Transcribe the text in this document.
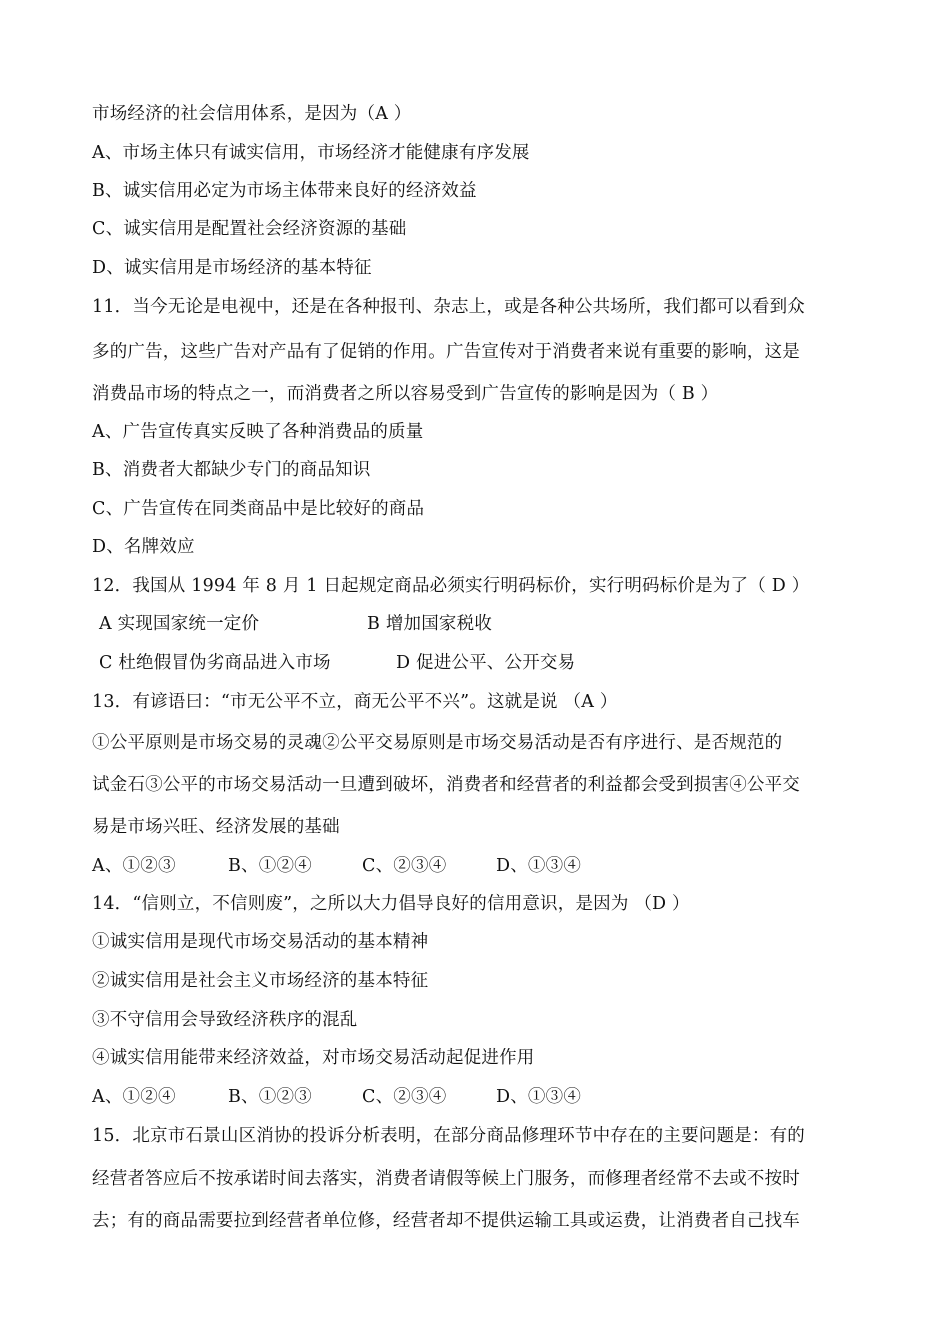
市场经济的社会信用体系，是因为（A ）
A、市场主体只有诚实信用，市场经济才能健康有序发展
B、诚实信用必定为市场主体带来良好的经济效益
C、诚实信用是配置社会经济资源的基础
D、诚实信用是市场经济的基本特征
11．当今无论是电视中，还是在各种报刊、杂志上，或是各种公共场所，我们都可以看到众
多的广告，这些广告对产品有了促销的作用。广告宣传对于消费者来说有重要的影响，这是
消费品市场的特点之一，而消费者之所以容易受到广告宣传的影响是因为（ B ）
A、广告宣传真实反映了各种消费品的质量
B、消费者大都缺少专门的商品知识
C、广告宣传在同类商品中是比较好的商品
D、名牌效应
12．我国从 1994 年 8 月 1 日起规定商品必须实行明码标价，实行明码标价是为了（ D ）
A 实现国家统一定价	B 增加国家税收
C 杜绝假冒伪劣商品进入市场	D 促进公平、公开交易
13．有谚语曰：“市无公平不立，商无公平不兴”。这就是说 （A ）
①公平原则是市场交易的灵魂②公平交易原则是市场交易活动是否有序进行、是否规范的
试金石③公平的市场交易活动一旦遭到破坏，消费者和经营者的利益都会受到损害④公平交
易是市场兴旺、经济发展的基础
A、①②③	B、①②④	C、②③④	D、①③④
14．“信则立，不信则废”，之所以大力倡导良好的信用意识，是因为 （D ）
①诚实信用是现代市场交易活动的基本精神
②诚实信用是社会主义市场经济的基本特征
③不守信用会导致经济秩序的混乱
④诚实信用能带来经济效益，对市场交易活动起促进作用
A、①②④	B、①②③	C、②③④	D、①③④
15．北京市石景山区消协的投诉分析表明，在部分商品修理环节中存在的主要问题是：有的
经营者答应后不按承诺时间去落实，消费者请假等候上门服务，而修理者经常不去或不按时
去；有的商品需要拉到经营者单位修，经营者却不提供运输工具或运费，让消费者自己找车
